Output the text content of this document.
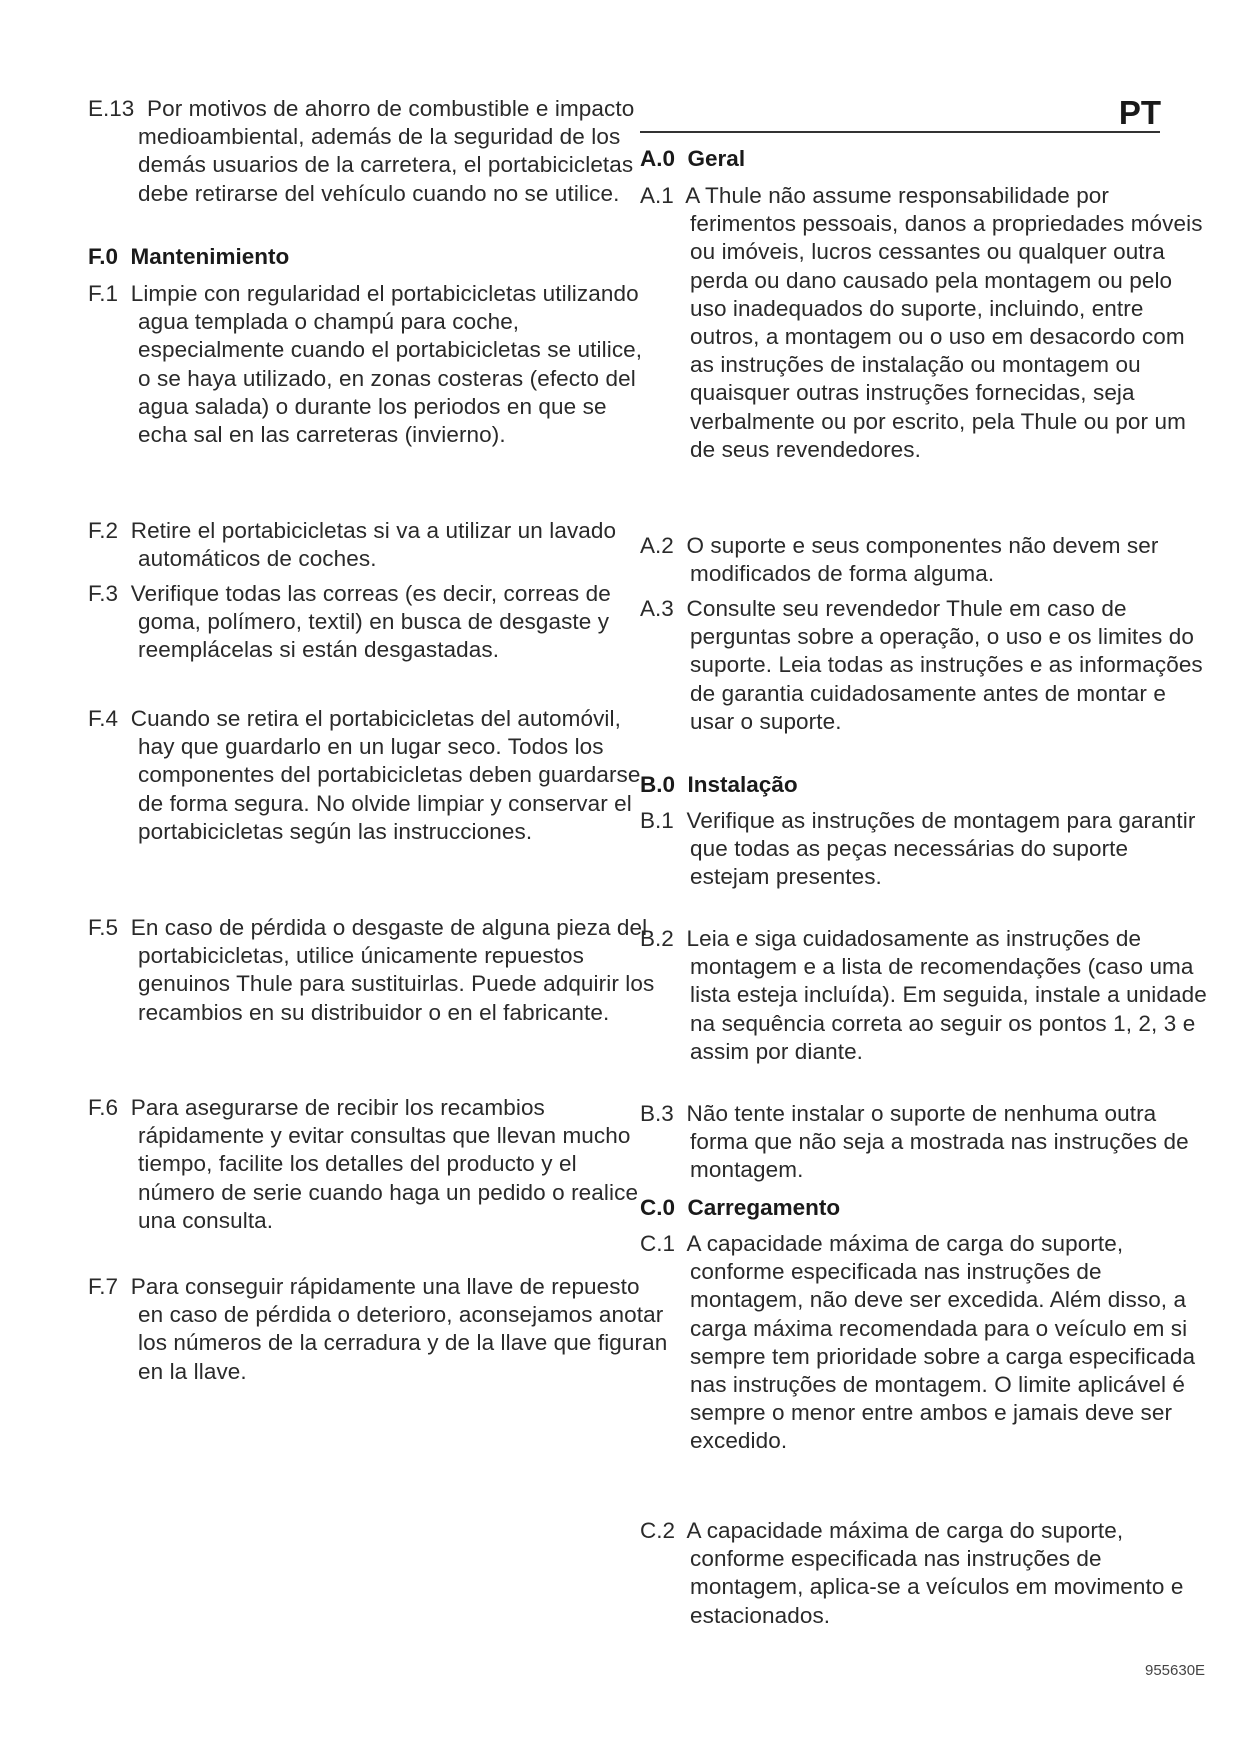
E.13 Por motivos de ahorro de combustible e impacto medioambiental, además de la seguridad de los demás usuarios de la carretera, el portabicicletas debe retirarse del vehículo cuando no se utilice.
F.0 Mantenimiento
F.1 Limpie con regularidad el portabicicletas utilizando agua templada o champú para coche, especialmente cuando el portabicicletas se utilice, o se haya utilizado, en zonas costeras (efecto del agua salada) o durante los periodos en que se echa sal en las carreteras (invierno).
F.2 Retire el portabicicletas si va a utilizar un lavado automáticos de coches.
F.3 Verifique todas las correas (es decir, correas de goma, polímero, textil) en busca de desgaste y reemplácelas si están desgastadas.
F.4 Cuando se retira el portabicicletas del automóvil, hay que guardarlo en un lugar seco. Todos los componentes del portabicicletas deben guardarse de forma segura. No olvide limpiar y conservar el portabicicletas según las instrucciones.
F.5 En caso de pérdida o desgaste de alguna pieza del portabicicletas, utilice únicamente repuestos genuinos Thule para sustituirlas. Puede adquirir los recambios en su distribuidor o en el fabricante.
F.6 Para asegurarse de recibir los recambios rápidamente y evitar consultas que llevan mucho tiempo, facilite los detalles del producto y el número de serie cuando haga un pedido o realice una consulta.
F.7 Para conseguir rápidamente una llave de repuesto en caso de pérdida o deterioro, aconsejamos anotar los números de la cerradura y de la llave que figuran en la llave.
PT
A.0 Geral
A.1 A Thule não assume responsabilidade por ferimentos pessoais, danos a propriedades móveis ou imóveis, lucros cessantes ou qualquer outra perda ou dano causado pela montagem ou pelo uso inadequados do suporte, incluindo, entre outros, a montagem ou o uso em desacordo com as instruções de instalação ou montagem ou quaisquer outras instruções fornecidas, seja verbalmente ou por escrito, pela Thule ou por um de seus revendedores.
A.2 O suporte e seus componentes não devem ser modificados de forma alguma.
A.3 Consulte seu revendedor Thule em caso de perguntas sobre a operação, o uso e os limites do suporte. Leia todas as instruções e as informações de garantia cuidadosamente antes de montar e usar o suporte.
B.0 Instalação
B.1 Verifique as instruções de montagem para garantir que todas as peças necessárias do suporte estejam presentes.
B.2 Leia e siga cuidadosamente as instruções de montagem e a lista de recomendações (caso uma lista esteja incluída). Em seguida, instale a unidade na sequência correta ao seguir os pontos 1, 2, 3 e assim por diante.
B.3 Não tente instalar o suporte de nenhuma outra forma que não seja a mostrada nas instruções de montagem.
C.0 Carregamento
C.1 A capacidade máxima de carga do suporte, conforme especificada nas instruções de montagem, não deve ser excedida. Além disso, a carga máxima recomendada para o veículo em si sempre tem prioridade sobre a carga especificada nas instruções de montagem. O limite aplicável é sempre o menor entre ambos e jamais deve ser excedido.
C.2 A capacidade máxima de carga do suporte, conforme especificada nas instruções de montagem, aplica-se a veículos em movimento e estacionados.
955630E
